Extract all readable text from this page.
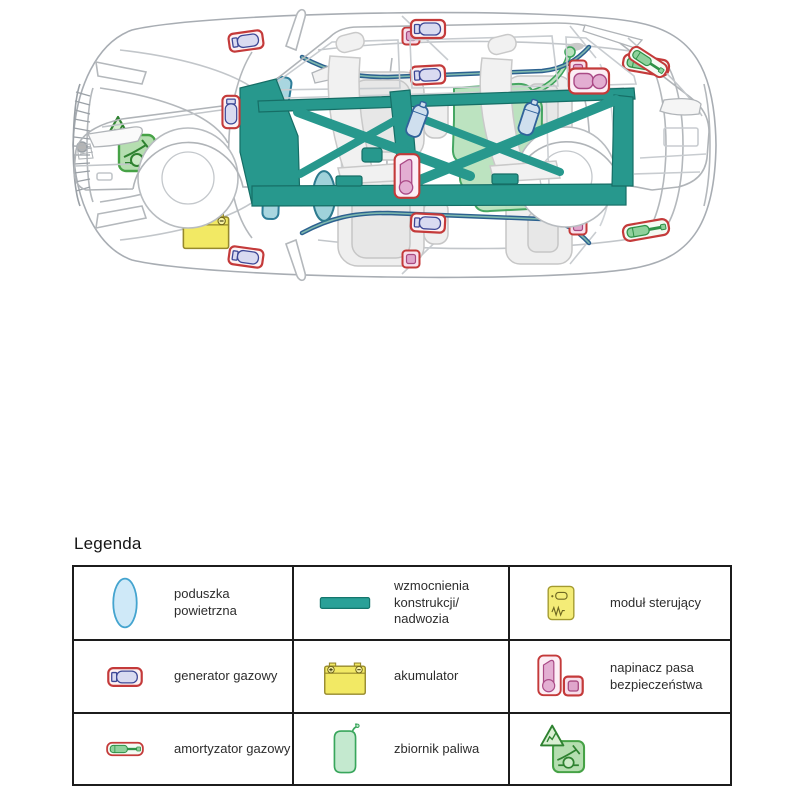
Legenda
poduszka powietrzna
wzmocnienia konstrukcji/ nadwozia
moduł sterujący
generator gazowy	akumulator
napinacz pasa bezpieczeństwa
amortyzator gazowy	zbiornik paliwa
